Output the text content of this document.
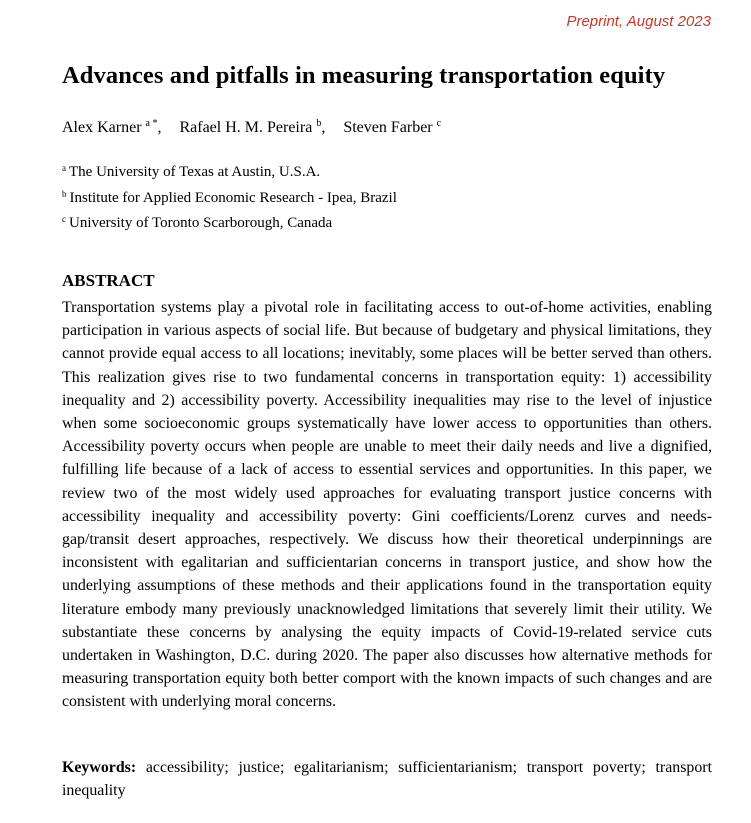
Preprint, August 2023
Advances and pitfalls in measuring transportation equity
Alex Karner $^{a *}$, Rafael H. M. Pereira $^b$, Steven Farber $^c$
$^a$ The University of Texas at Austin, U.S.A.
$^b$ Institute for Applied Economic Research - Ipea, Brazil
$^c$ University of Toronto Scarborough, Canada
ABSTRACT
Transportation systems play a pivotal role in facilitating access to out-of-home activities, enabling participation in various aspects of social life. But because of budgetary and physical limitations, they cannot provide equal access to all locations; inevitably, some places will be better served than others. This realization gives rise to two fundamental concerns in transportation equity: 1) accessibility inequality and 2) accessibility poverty. Accessibility inequalities may rise to the level of injustice when some socioeconomic groups systematically have lower access to opportunities than others. Accessibility poverty occurs when people are unable to meet their daily needs and live a dignified, fulfilling life because of a lack of access to essential services and opportunities. In this paper, we review two of the most widely used approaches for evaluating transport justice concerns with accessibility inequality and accessibility poverty: Gini coefficients/Lorenz curves and needs-gap/transit desert approaches, respectively. We discuss how their theoretical underpinnings are inconsistent with egalitarian and sufficientarian concerns in transport justice, and show how the underlying assumptions of these methods and their applications found in the transportation equity literature embody many previously unacknowledged limitations that severely limit their utility. We substantiate these concerns by analysing the equity impacts of Covid-19-related service cuts undertaken in Washington, D.C. during 2020. The paper also discusses how alternative methods for measuring transportation equity both better comport with the known impacts of such changes and are consistent with underlying moral concerns.
Keywords: accessibility; justice; egalitarianism; sufficientarianism; transport poverty; transport inequality
